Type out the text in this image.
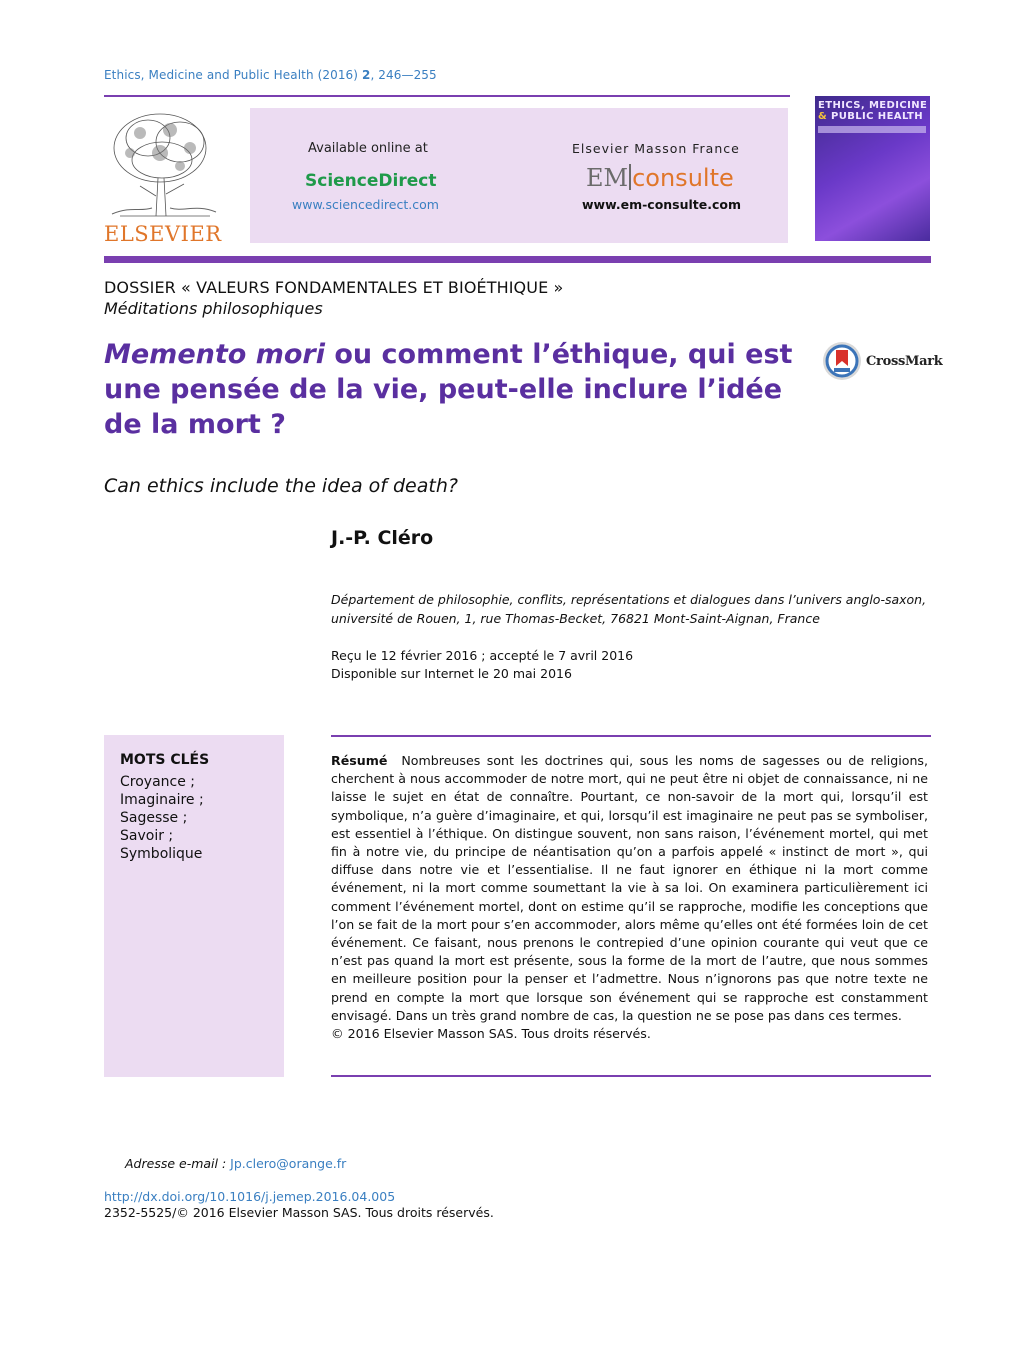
Ethics, Medicine and Public Health (2016) 2, 246—255
ELSEVIER
Available online at
ScienceDirect
www.sciencedirect.com
Elsevier Masson France
EM consulte
www.em-consulte.com
ETHICS, MEDICINE
& PUBLIC HEALTH
DOSSIER « VALEURS FONDAMENTALES ET BIOÉTHIQUE »
Méditations philosophiques
Memento mori ou comment l’éthique, qui est une pensée de la vie, peut-elle inclure l’idée de la mort ?
CrossMark
Can ethics include the idea of death?
J.-P. Cléro
Département de philosophie, conflits, représentations et dialogues dans l’univers anglo-saxon, université de Rouen, 1, rue Thomas-Becket, 76821 Mont-Saint-Aignan, France
Reçu le 12 février 2016 ; accepté le 7 avril 2016
Disponible sur Internet le 20 mai 2016
MOTS CLÉS
Croyance ;
Imaginaire ;
Sagesse ;
Savoir ;
Symbolique
Résumé Nombreuses sont les doctrines qui, sous les noms de sagesses ou de religions, cherchent à nous accommoder de notre mort, qui ne peut être ni objet de connaissance, ni ne laisse le sujet en état de connaître. Pourtant, ce non-savoir de la mort qui, lorsqu’il est symbolique, n’a guère d’imaginaire, et qui, lorsqu’il est imaginaire ne peut pas se symboliser, est essentiel à l’éthique. On distingue souvent, non sans raison, l’événement mortel, qui met fin à notre vie, du principe de néantisation qu’on a parfois appelé « instinct de mort », qui diffuse dans notre vie et l’essentialise. Il ne faut ignorer en éthique ni la mort comme événement, ni la mort comme soumettant la vie à sa loi. On examinera particulièrement ici comment l’événement mortel, dont on estime qu’il se rapproche, modifie les conceptions que l’on se fait de la mort pour s’en accommoder, alors même qu’elles ont été formées loin de cet événement. Ce faisant, nous prenons le contrepied d’une opinion courante qui veut que ce n’est pas quand la mort est présente, sous la forme de la mort de l’autre, que nous sommes en meilleure position pour la penser et l’admettre. Nous n’ignorons pas que notre texte ne prend en compte la mort que lorsque son événement qui se rapproche est constamment envisagé. Dans un très grand nombre de cas, la question ne se pose pas dans ces termes.
© 2016 Elsevier Masson SAS. Tous droits réservés.
Adresse e-mail : Jp.clero@orange.fr
http://dx.doi.org/10.1016/j.jemep.2016.04.005
2352-5525/© 2016 Elsevier Masson SAS. Tous droits réservés.
